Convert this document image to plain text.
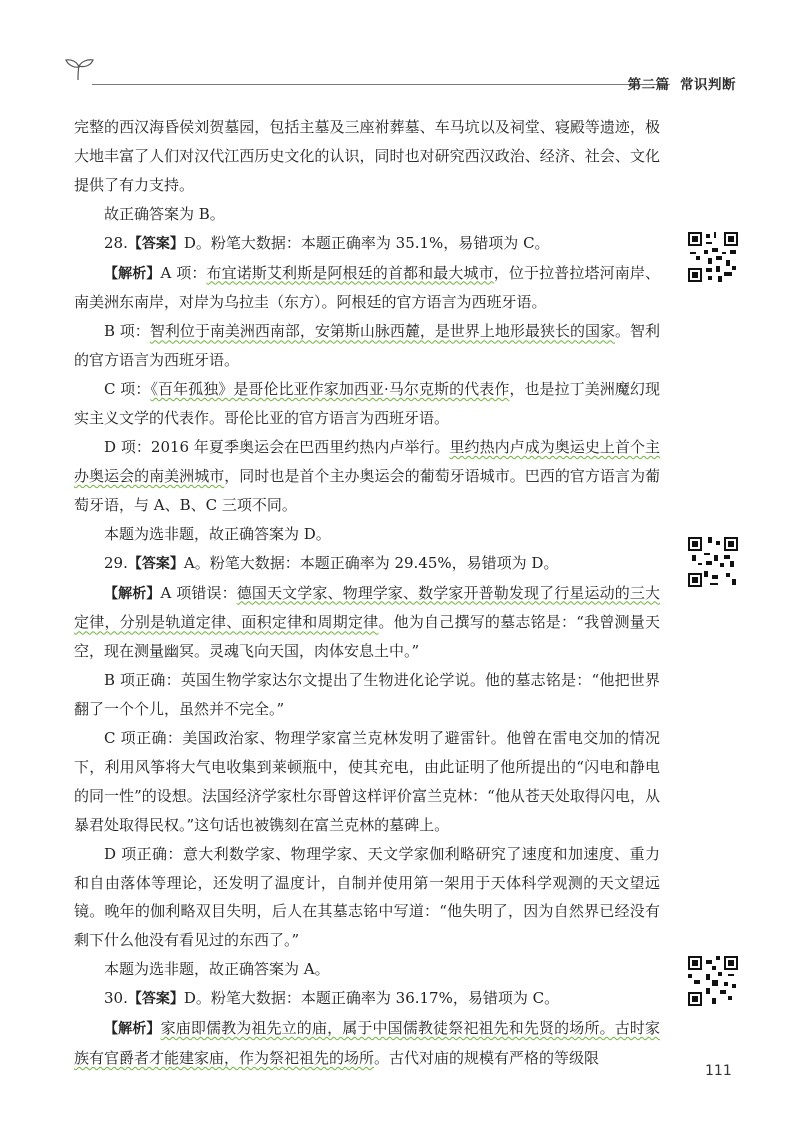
第二篇 常识判断

完整的西汉海昏侯刘贺墓园，包括主墓及三座祔葬墓、车马坑以及祠堂、寝殿等遗迹，极大地丰富了人们对汉代江西历史文化的认识，同时也对研究西汉政治、经济、社会、文化提供了有力支持。

故正确答案为 B。

28.【答案】D。粉笔大数据：本题正确率为 35.1%，易错项为 C。

【解析】A 项：布宜诺斯艾利斯是阿根廷的首都和最大城市，位于拉普拉塔河南岸、南美洲东南岸，对岸为乌拉圭（东方）。阿根廷的官方语言为西班牙语。

B 项：智利位于南美洲西南部，安第斯山脉西麓，是世界上地形最狭长的国家。智利的官方语言为西班牙语。

C 项：《百年孤独》是哥伦比亚作家加西亚·马尔克斯的代表作，也是拉丁美洲魔幻现实主义文学的代表作。哥伦比亚的官方语言为西班牙语。

D 项：2016 年夏季奥运会在巴西里约热内卢举行。里约热内卢成为奥运史上首个主办奥运会的南美洲城市，同时也是首个主办奥运会的葡萄牙语城市。巴西的官方语言为葡萄牙语，与 A、B、C 三项不同。

本题为选非题，故正确答案为 D。

29.【答案】A。粉笔大数据：本题正确率为 29.45%，易错项为 D。

【解析】A 项错误：德国天文学家、物理学家、数学家开普勒发现了行星运动的三大定律，分别是轨道定律、面积定律和周期定律。他为自己撰写的墓志铭是：“我曾测量天空，现在测量幽冥。灵魂飞向天国，肉体安息土中。”

B 项正确：英国生物学家达尔文提出了生物进化论学说。他的墓志铭是：“他把世界翻了一个个儿，虽然并不完全。”

C 项正确：美国政治家、物理学家富兰克林发明了避雷针。他曾在雷电交加的情况下，利用风筝将大气电收集到莱顿瓶中，使其充电，由此证明了他所提出的“闪电和静电的同一性”的设想。法国经济学家杜尔哥曾这样评价富兰克林：“他从苍天处取得闪电，从暴君处取得民权。”这句话也被镌刻在富兰克林的墓碑上。

D 项正确：意大利数学家、物理学家、天文学家伽利略研究了速度和加速度、重力和自由落体等理论，还发明了温度计，自制并使用第一架用于天体科学观测的天文望远镜。晚年的伽利略双目失明，后人在其墓志铭中写道：“他失明了，因为自然界已经没有剩下什么他没有看见过的东西了。”

本题为选非题，故正确答案为 A。

30.【答案】D。粉笔大数据：本题正确率为 36.17%，易错项为 C。

【解析】家庙即儒教为祖先立的庙，属于中国儒教徒祭祀祖先和先贤的场所。古时家族有官爵者才能建家庙，作为祭祀祖先的场所。古代对庙的规模有严格的等级限

111
